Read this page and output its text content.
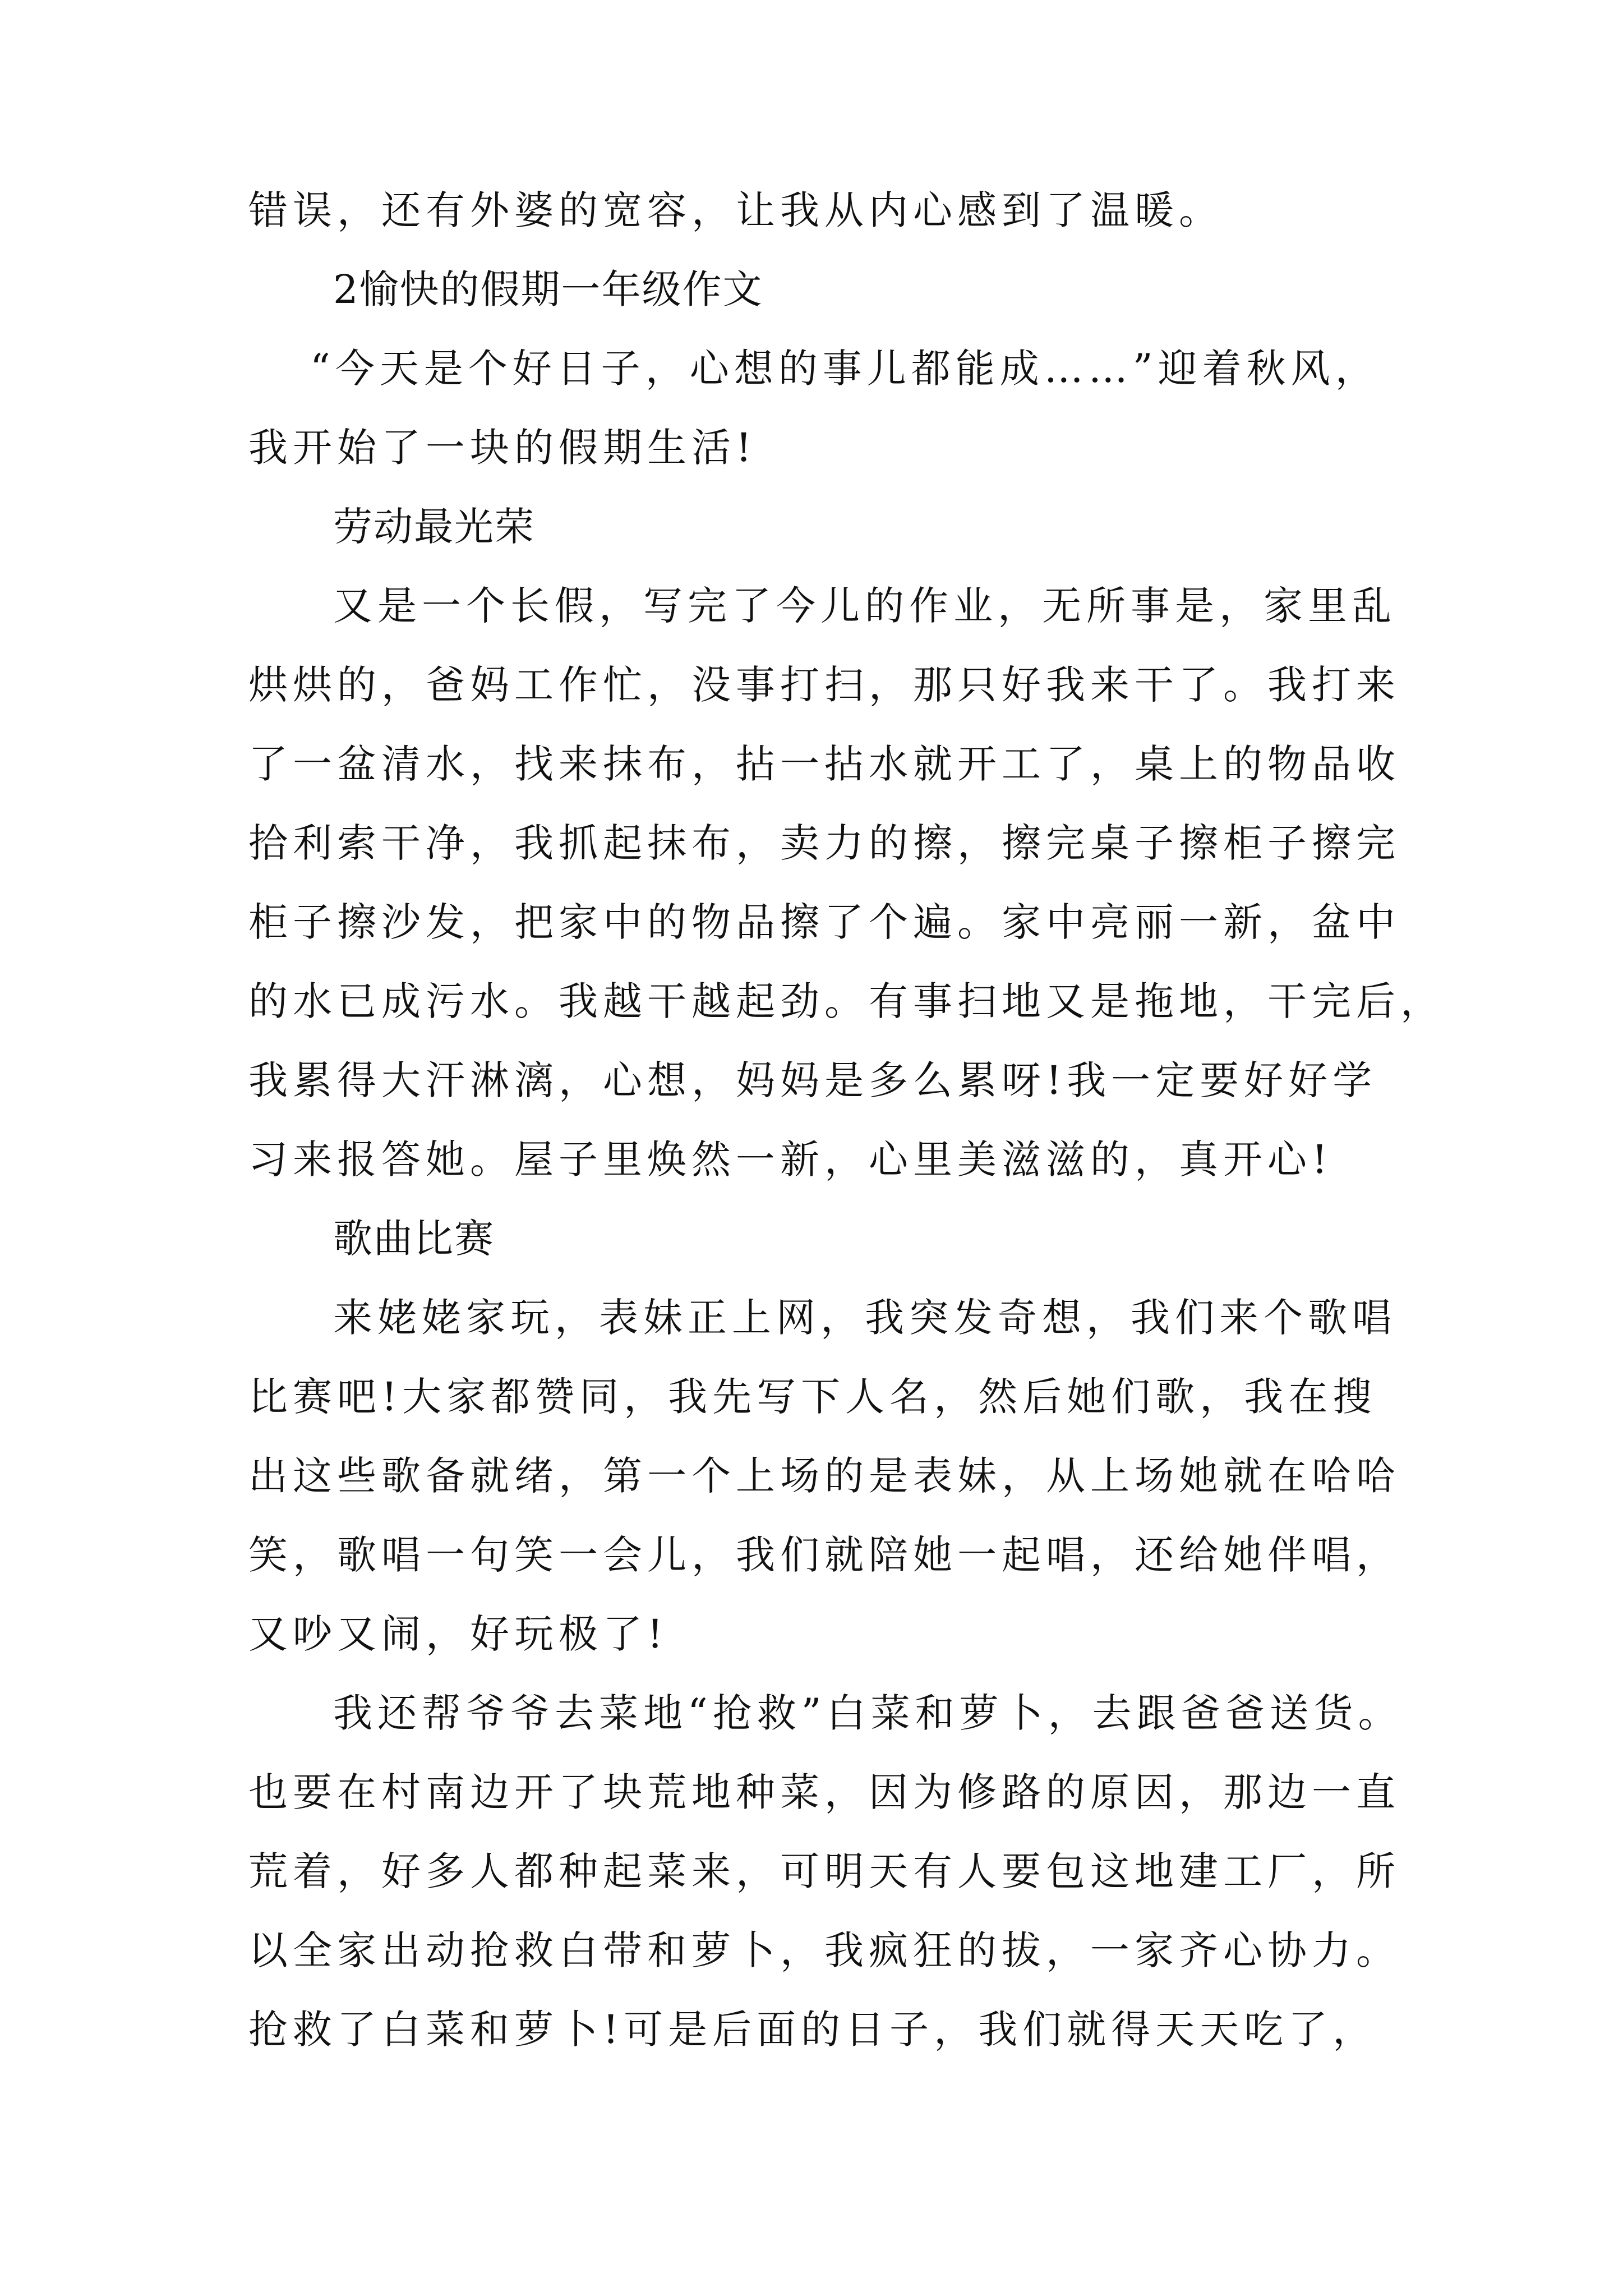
错误，还有外婆的宽容，让我从内心感到了温暖。
2愉快的假期一年级作文
“今天是个好日子，心想的事儿都能成……”迎着秋风，
我开始了一块的假期生活!
劳动最光荣
又是一个长假，写完了今儿的作业，无所事是，家里乱
烘烘的，爸妈工作忙，没事打扫，那只好我来干了。我打来
了一盆清水，找来抹布，拈一拈水就开工了，桌上的物品收
拾利索干净，我抓起抹布，卖力的擦，擦完桌子擦柜子擦完
柜子擦沙发，把家中的物品擦了个遍。家中亮丽一新，盆中
的水已成污水。我越干越起劲。有事扫地又是拖地，干完后，
我累得大汗淋漓，心想，妈妈是多么累呀!我一定要好好学
习来报答她。屋子里焕然一新，心里美滋滋的，真开心!
歌曲比赛
来姥姥家玩，表妹正上网，我突发奇想，我们来个歌唱
比赛吧!大家都赞同，我先写下人名，然后她们歌，我在搜
出这些歌备就绪，第一个上场的是表妹，从上场她就在哈哈
笑，歌唱一句笑一会儿，我们就陪她一起唱，还给她伴唱，
又吵又闹，好玩极了!
我还帮爷爷去菜地“抢救”白菜和萝卜，去跟爸爸送货。
也要在村南边开了块荒地种菜，因为修路的原因，那边一直
荒着，好多人都种起菜来，可明天有人要包这地建工厂，所
以全家出动抢救白带和萝卜，我疯狂的拔，一家齐心协力。
抢救了白菜和萝卜!可是后面的日子，我们就得天天吃了，
